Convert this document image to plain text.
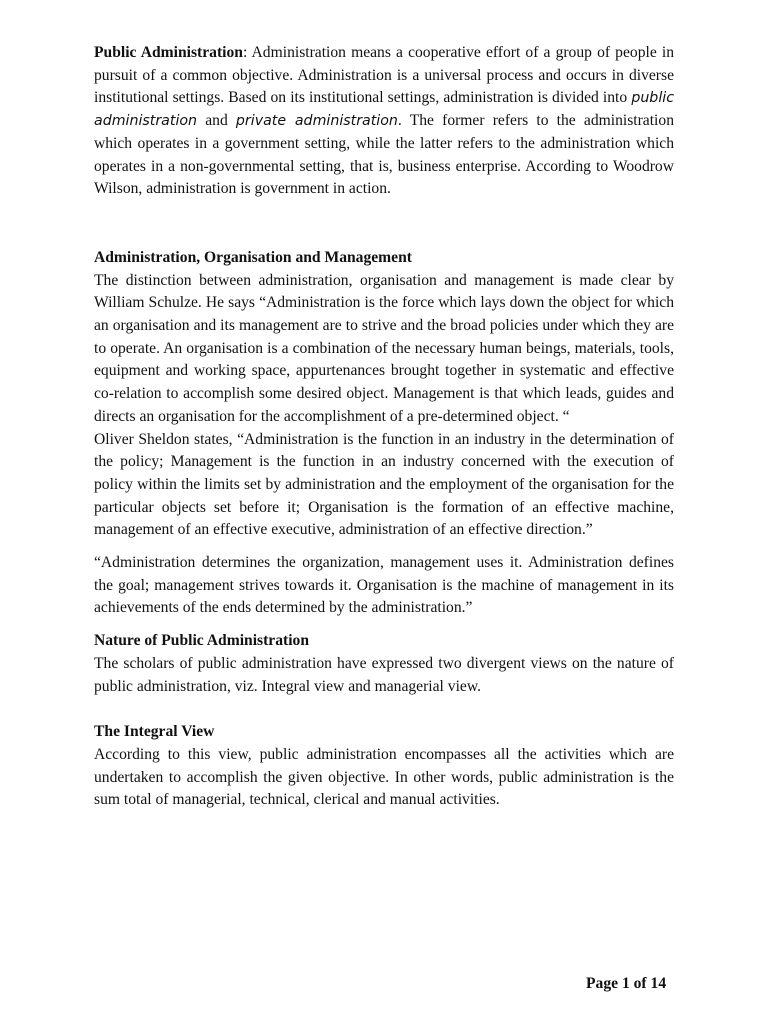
Public Administration: Administration means a cooperative effort of a group of people in pursuit of a common objective. Administration is a universal process and occurs in diverse institutional settings. Based on its institutional settings, administration is divided into public administration and private administration. The former refers to the administration which operates in a government setting, while the latter refers to the administration which operates in a non-governmental setting, that is, business enterprise. According to Woodrow Wilson, administration is government in action.

Administration, Organisation and Management

The distinction between administration, organisation and management is made clear by William Schulze. He says “Administration is the force which lays down the object for which an organisation and its management are to strive and the broad policies under which they are to operate. An organisation is a combination of the necessary human beings, materials, tools, equipment and working space, appurtenances brought together in systematic and effective co-relation to accomplish some desired object. Management is that which leads, guides and directs an organisation for the accomplishment of a pre-determined object. “

Oliver Sheldon states, “Administration is the function in an industry in the determination of the policy; Management is the function in an industry concerned with the execution of policy within the limits set by administration and the employment of the organisation for the particular objects set before it; Organisation is the formation of an effective machine, management of an effective executive, administration of an effective direction.”

“Administration determines the organization, management uses it. Administration defines the goal; management strives towards it. Organisation is the machine of management in its achievements of the ends determined by the administration.”

Nature of Public Administration

The scholars of public administration have expressed two divergent views on the nature of public administration, viz. Integral view and managerial view.

The Integral View

According to this view, public administration encompasses all the activities which are undertaken to accomplish the given objective. In other words, public administration is the sum total of managerial, technical, clerical and manual activities.

Page 1 of 14
